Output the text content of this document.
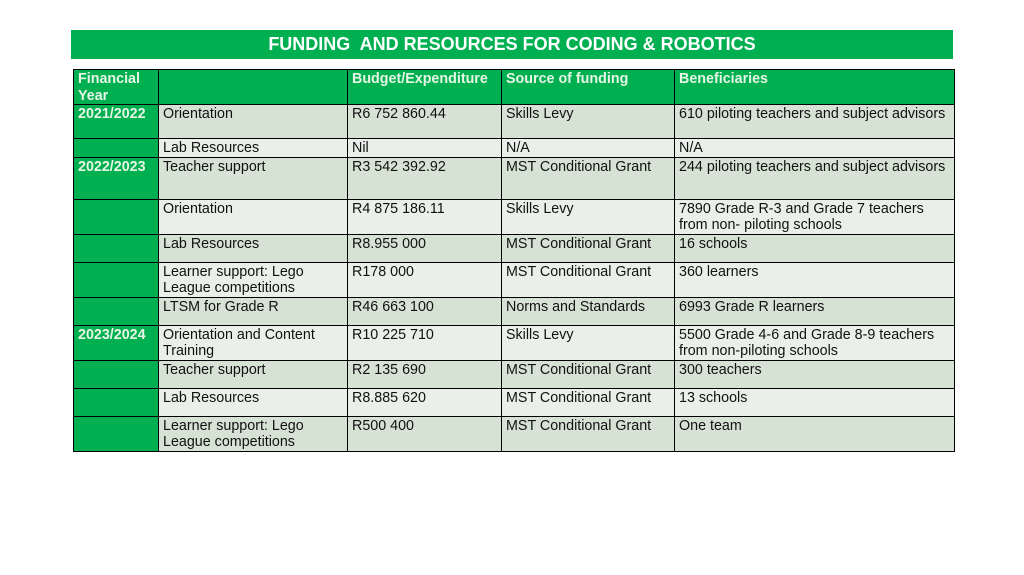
FUNDING  AND RESOURCES FOR CODING & ROBOTICS
Financial Year		Budget/Expenditure	Source of funding	Beneficiaries
2021/2022	Orientation	R6 752 860.44	Skills Levy	610 piloting teachers and subject advisors
	Lab Resources	Nil	N/A	N/A
2022/2023	Teacher support	R3 542 392.92	MST Conditional Grant	244 piloting teachers and subject advisors
	Orientation	R4 875 186.11	Skills Levy	7890 Grade R-3 and Grade 7 teachers from non- piloting schools
	Lab Resources	R8.955 000	MST Conditional Grant	16 schools
	Learner support: Lego League competitions	R178 000	MST Conditional Grant	360 learners
	LTSM for Grade R	R46 663 100	Norms and Standards	6993 Grade R learners
2023/2024	Orientation and Content Training	R10 225 710	Skills Levy	5500 Grade 4-6 and Grade 8-9 teachers from non-piloting schools
	Teacher support	R2 135 690	MST Conditional Grant	300 teachers
	Lab Resources	R8.885 620	MST Conditional Grant	13 schools
	Learner support: Lego League competitions	R500 400	MST Conditional Grant	One team
